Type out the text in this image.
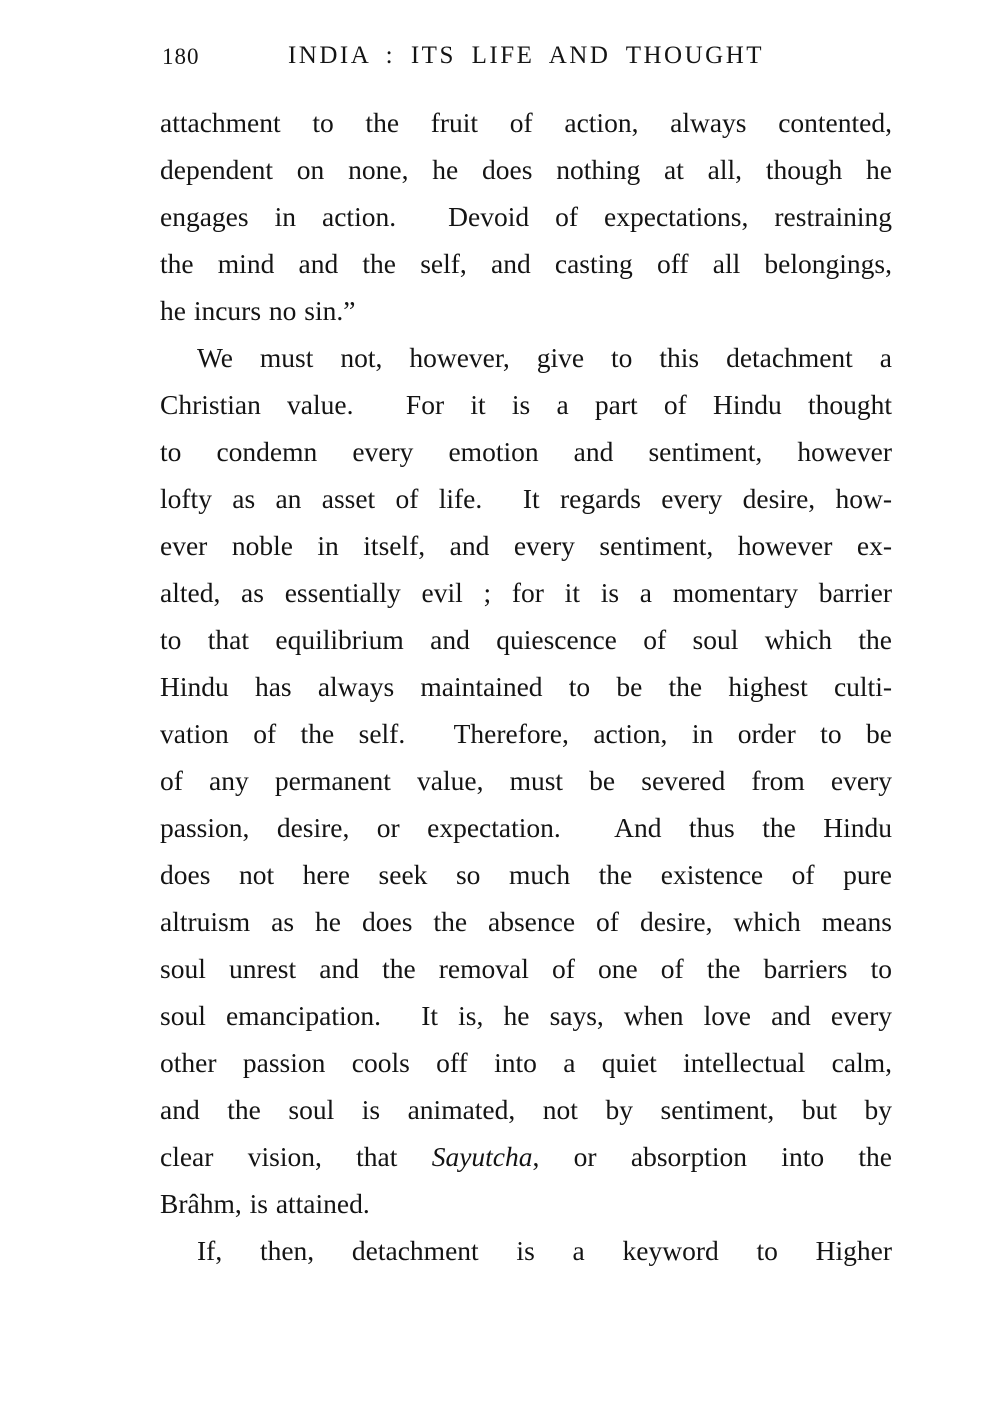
180	INDIA : ITS LIFE AND THOUGHT
attachment to the fruit of action, always contented,
dependent on none, he does nothing at all, though he
engages in action.  Devoid of expectations, restraining
the mind and the self, and casting off all belongings,
he incurs no sin.”
We must not, however, give to this detachment a
Christian value.  For it is a part of Hindu thought
to condemn every emotion and sentiment, however
lofty as an asset of life.  It regards every desire, how-
ever noble in itself, and every sentiment, however ex-
alted, as essentially evil ; for it is a momentary barrier
to that equilibrium and quiescence of soul which the
Hindu has always maintained to be the highest culti-
vation of the self.  Therefore, action, in order to be
of any permanent value, must be severed from every
passion, desire, or expectation.  And thus the Hindu
does not here seek so much the existence of pure
altruism as he does the absence of desire, which means
soul unrest and the removal of one of the barriers to
soul emancipation.  It is, he says, when love and every
other passion cools off into a quiet intellectual calm,
and the soul is animated, not by sentiment, but by
clear vision, that Sayutcha, or absorption into the
Brâhm, is attained.
If, then, detachment is a keyword to Higher
